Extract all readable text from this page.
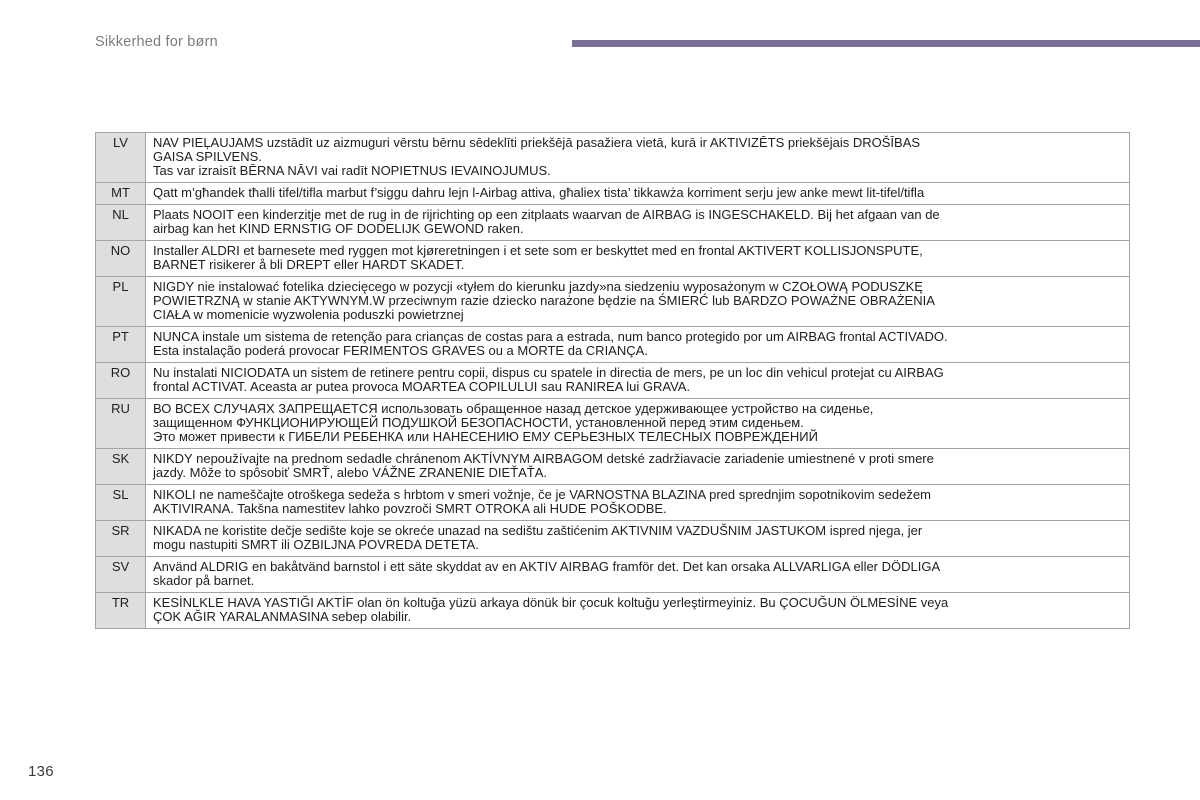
Sikkerhed for børn
LV	NAV PIEĻAUJAMS uzstādīt uz aizmuguri vērstu bērnu sēdeklīti priekšējā pasažiera vietā, kurā ir AKTIVIZĒTS priekšējais DROŠĪBAS
GAISA SPILVENS.
Tas var izraisīt BĒRNA NĀVI vai radīt NOPIETNUS IEVAINOJUMUS.

MT	Qatt m’għandek tħalli tifel/tifla marbut f’siggu dahru lejn l-Airbag attiva, għaliex tista’ tikkawża korriment serju jew anke mewt lit-tifel/tifla

NL	Plaats NOOIT een kinderzitje met de rug in de rijrichting op een zitplaats waarvan de AIRBAG is INGESCHAKELD. Bij het afgaan van de
airbag kan het KIND ERNSTIG OF DODELIJK GEWOND raken.

NO	Installer ALDRI et barnesete med ryggen mot kjøreretningen i et sete som er beskyttet med en frontal AKTIVERT KOLLISJONSPUTE,
BARNET risikerer å bli DREPT eller HARDT SKADET.

PL	NIGDY nie instalować fotelika dziecięcego w pozycji «tyłem do kierunku jazdy»na siedzeniu wyposażonym w CZOŁOWĄ PODUSZKĘ
POWIETRZNĄ w stanie AKTYWNYM.W przeciwnym razie dziecko narażone będzie na ŚMIERĆ lub BARDZO POWAŻNE OBRAŻENIA
CIAŁA w momenicie wyzwolenia poduszki powietrznej

PT	NUNCA instale um sistema de retenção para crianças de costas para a estrada, num banco protegido por um AIRBAG frontal ACTIVADO.
Esta instalação poderá provocar FERIMENTOS GRAVES ou a MORTE da CRIANÇA.

RO	Nu instalati NICIODATA un sistem de retinere pentru copii, dispus cu spatele in directia de mers, pe un loc din vehicul protejat cu AIRBAG
frontal ACTIVAT. Aceasta ar putea provoca MOARTEA COPILULUI sau RANIREA lui GRAVA.

RU	ВО ВСЕХ СЛУЧАЯХ ЗАПРЕЩАЕТСЯ использовать обращенное назад детское удерживающее устройство на сиденье,
защищенном ФУНКЦИОНИРУЮЩЕЙ ПОДУШКОЙ БЕЗОПАСНОСТИ, установленной перед этим сиденьем.
Это может привести к ГИБЕЛИ РЕБЕНКА или НАНЕСЕНИЮ ЕМУ СЕРЬЕЗНЫХ ТЕЛЕСНЫХ ПОВРЕЖДЕНИЙ

SK	NIKDY nepoužívajte na prednom sedadle chránenom AKTÍVNYM AIRBAGOM detské zadržiavacie zariadenie umiestnené v proti smere
jazdy. Môže to spôsobiť SMRŤ, alebo VÁŽNE ZRANENIE DIEŤAŤA.

SL	NIKOLI ne nameščajte otroškega sedeža s hrbtom v smeri vožnje, če je VARNOSTNA BLAZINA pred sprednjim sopotnikovim sedežem
AKTIVIRANA. Takšna namestitev lahko povzroči SMRT OTROKA ali HUDE POŠKODBE.

SR	NIKADA ne koristite dečje sedište koje se okreće unazad na sedištu zaštićenim AKTIVNIM VAZDUŠNIM JASTUKOM ispred njega, jer
mogu nastupiti SMRT ili OZBILJNA POVREDA DETETA.

SV	Använd ALDRIG en bakåtvänd barnstol i ett säte skyddat av en AKTIV AIRBAG framför det. Det kan orsaka ALLVARLIGA eller DÖDLIGA
skador på barnet.

TR	KESİNLKLE HAVA YASTIĞI AKTİF olan ön koltuğa yüzü arkaya dönük bir çocuk koltuğu yerleştirmeyiniz. Bu ÇOCUĞUN ÖLMESİNE veya
ÇOK AĞIR YARALANMASINA sebep olabilir.
136
